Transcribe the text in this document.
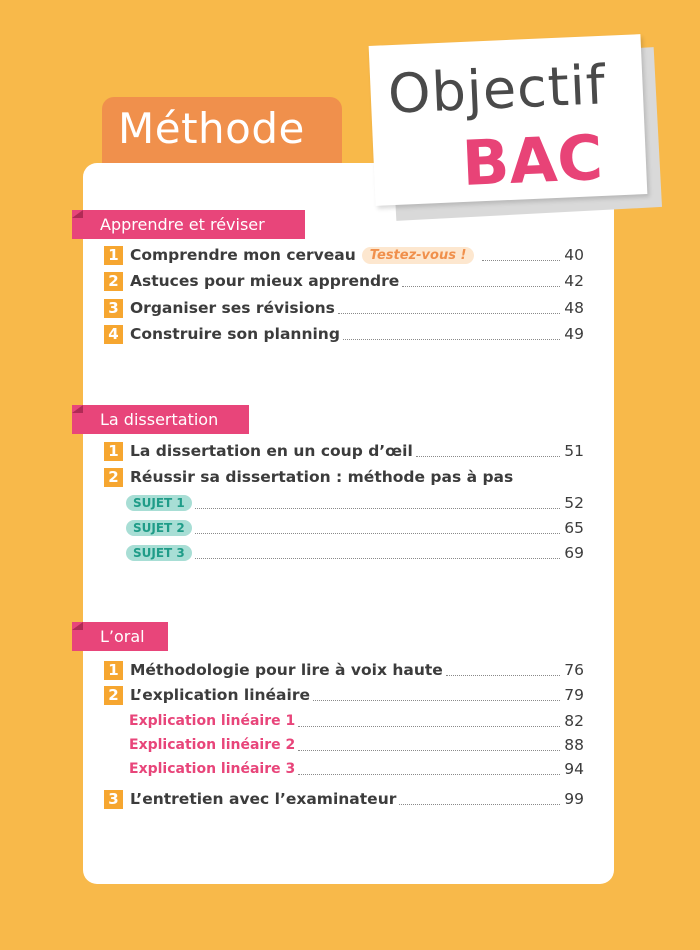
Méthode
Objectif
BAC
Apprendre et réviser
1 Comprendre mon cerveau	Testez-vous !	40
2 Astuces pour mieux apprendre	42
3 Organiser ses révisions	48
4 Construire son planning	49
La dissertation
1 La dissertation en un coup d’œil	51
2 Réussir sa dissertation : méthode pas à pas
SUJET 1	52
SUJET 2	65
SUJET 3	69
L’oral
1 Méthodologie pour lire à voix haute	76
2 L’explication linéaire	79
Explication linéaire 1	82
Explication linéaire 2	88
Explication linéaire 3	94
3 L’entretien avec l’examinateur	99
